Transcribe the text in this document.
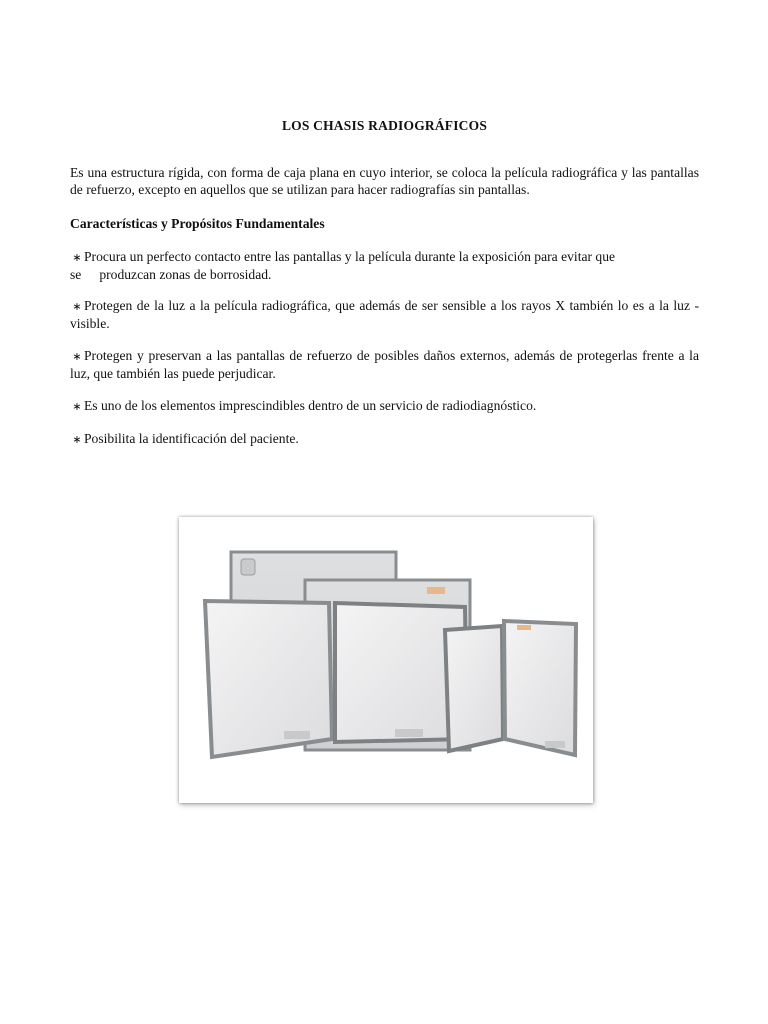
LOS CHASIS RADIOGRÁFICOS

Es una estructura rígida, con forma de caja plana en cuyo interior, se coloca la película radiográfica y las pantallas de refuerzo, excepto en aquellos que se utilizan para hacer radiografías sin pantallas.

Características y Propósitos Fundamentales
∗ Procura un perfecto contacto entre las pantallas y la película durante la exposición para evitar que
se produzcan zonas de borrosidad.
∗ Protegen de la luz a la película radiográfica, que además de ser sensible a los rayos X también lo es a la luz - visible.
∗ Protegen y preservan a las pantallas de refuerzo de posibles daños externos, además de protegerlas frente a la luz, que también las puede perjudicar.
∗ Es uno de los elementos imprescindibles dentro de un servicio de radiodiagnóstico.
∗ Posibilita la identificación del paciente.
